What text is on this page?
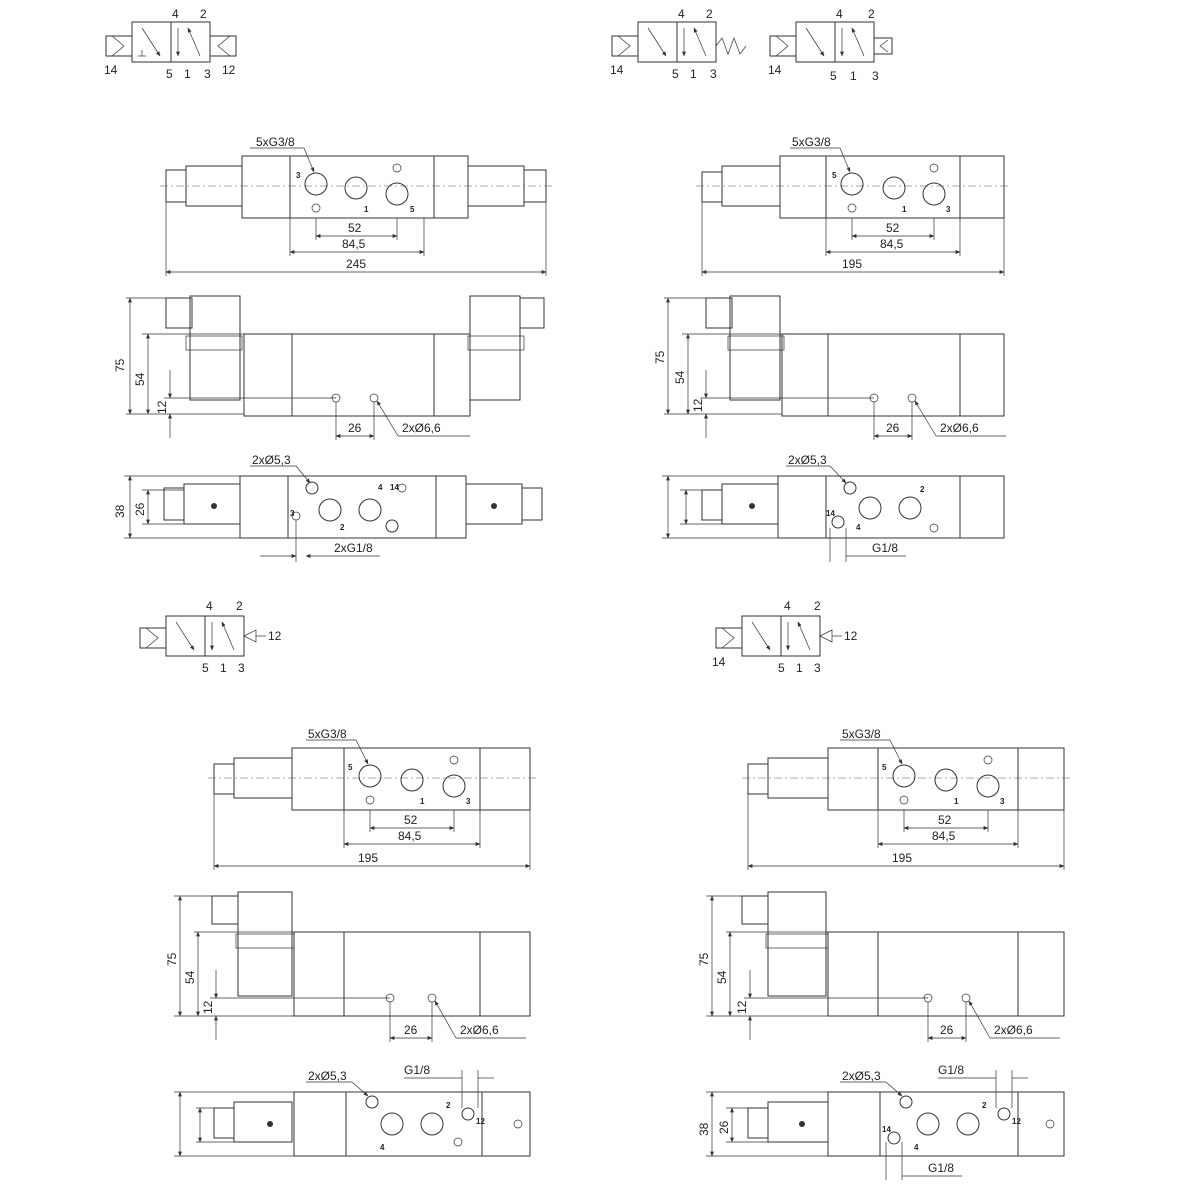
4 2
14	5 1 3 12
5xG3/8
3
1	5
52
84,5
245
75
54
12
26	2xØ6,6
2xØ5,3
4
2
14
3
2xG1/8
38 26
4 2
14	5 1 3
4 2
14	5 1 3
5xG3/8
5
1	3
52
84,5
195
75
54
12
26	2xØ6,6
2xØ5,3
2
4
14
G1/8
4 2
5 1 3
12
5xG3/8
5
1	3
52
84,5
195
75
54
12
26	2xØ6,6
2xØ5,3
2
4
12
G1/8
4 2
14	5 1 3
12
5xG3/8
5
1	3
52
84,5
195
75
54
12
26	2xØ6,6
2xØ5,3
2
4
14
12
G1/8
G1/8
38 26
